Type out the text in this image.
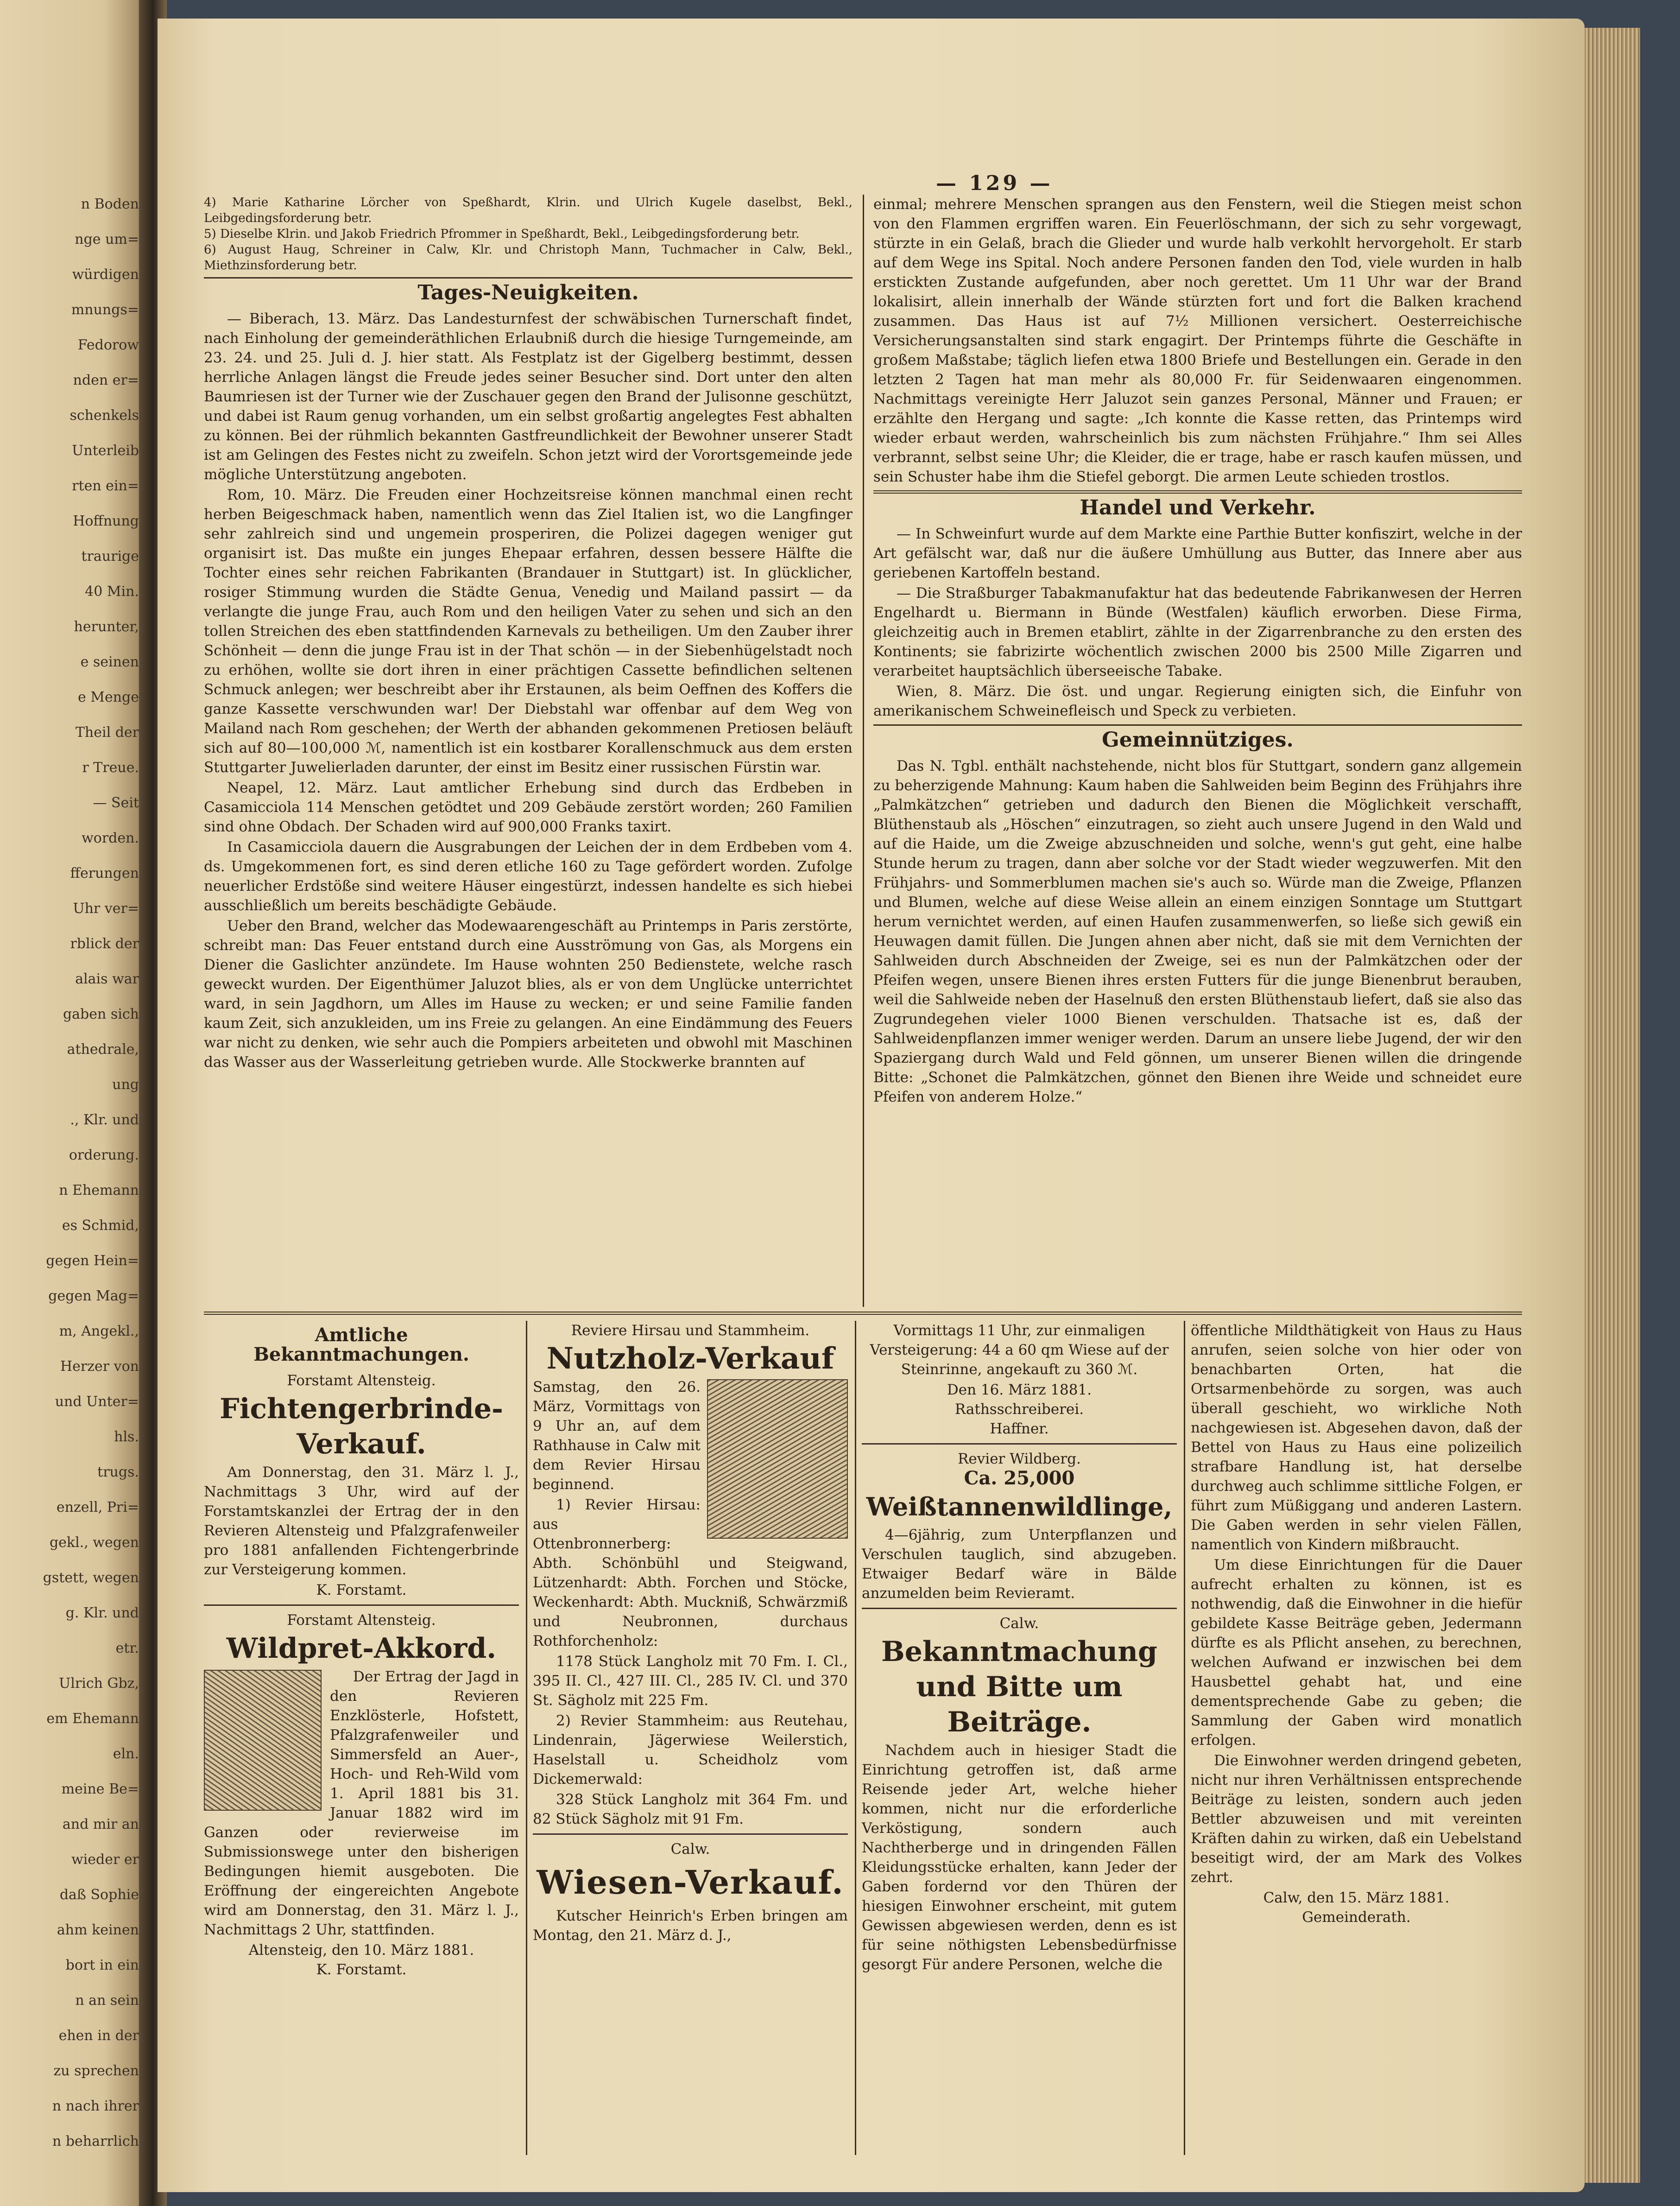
n Boden
nge um=
würdigen
mnungs=
Fedorow
nden er=
schenkels
Unterleib
rten ein=
Hoffnung
traurige
40 Min.
herunter,
e seinen
e Menge
Theil der
r Treue.
— Seit
worden.
fferungen
Uhr ver=
rblick der
alais war
gaben sich
athedrale,
ung
., Klr. und
orderung.
n Ehemann
es Schmid,
gegen Hein=
gegen Mag=
m, Angekl.,
Herzer von
und Unter=
hls.
trugs.
enzell, Pri=
gekl., wegen
gstett, wegen
g. Klr. und
etr.
Ulrich Gbz,
em Ehemann
eln.
meine Be=
and mir an
wieder er
daß Sophie
ahm keinen
bort in ein
n an sein
ehen in der
zu sprechen
n nach ihrer
n beharrlich
— 129 —
4) Marie Katharine Lörcher von Speßhardt, Klrin. und Ulrich Kugele daselbst, Bekl., Leibgedingsforderung betr.
5) Dieselbe Klrin. und Jakob Friedrich Pfrommer in Speßhardt, Bekl., Leibgedingsforderung betr.
6) August Haug, Schreiner in Calw, Klr. und Christoph Mann, Tuchmacher in Calw, Bekl., Miethzinsforderung betr.
Tages-Neuigkeiten.

— Biberach, 13. März. Das Landesturnfest der schwäbischen Turnerschaft findet, nach Einholung der gemeinderäthlichen Erlaubniß durch die hiesige Turngemeinde, am 23. 24. und 25. Juli d. J. hier statt. Als Festplatz ist der Gigelberg bestimmt, dessen herrliche Anlagen längst die Freude jedes seiner Besucher sind. Dort unter den alten Baumriesen ist der Turner wie der Zuschauer gegen den Brand der Julisonne geschützt, und dabei ist Raum genug vorhanden, um ein selbst großartig angelegtes Fest abhalten zu können. Bei der rühmlich bekannten Gastfreundlichkeit der Bewohner unserer Stadt ist am Gelingen des Festes nicht zu zweifeln. Schon jetzt wird der Vorortsgemeinde jede mögliche Unterstützung angeboten.

Rom, 10. März. Die Freuden einer Hochzeitsreise können manchmal einen recht herben Beigeschmack haben, namentlich wenn das Ziel Italien ist, wo die Langfinger sehr zahlreich sind und ungemein prosperiren, die Polizei dagegen weniger gut organisirt ist. Das mußte ein junges Ehepaar erfahren, dessen bessere Hälfte die Tochter eines sehr reichen Fabrikanten (Brandauer in Stuttgart) ist. In glücklicher, rosiger Stimmung wurden die Städte Genua, Venedig und Mailand passirt — da verlangte die junge Frau, auch Rom und den heiligen Vater zu sehen und sich an den tollen Streichen des eben stattfindenden Karnevals zu betheiligen. Um den Zauber ihrer Schönheit — denn die junge Frau ist in der That schön — in der Siebenhügelstadt noch zu erhöhen, wollte sie dort ihren in einer prächtigen Cassette befindlichen seltenen Schmuck anlegen; wer beschreibt aber ihr Erstaunen, als beim Oeffnen des Koffers die ganze Kassette verschwunden war! Der Diebstahl war offenbar auf dem Weg von Mailand nach Rom geschehen; der Werth der abhanden gekommenen Pretiosen beläuft sich auf 80—100,000 ℳ, namentlich ist ein kostbarer Korallenschmuck aus dem ersten Stuttgarter Juwelierladen darunter, der einst im Besitz einer russischen Fürstin war.

Neapel, 12. März. Laut amtlicher Erhebung sind durch das Erdbeben in Casamicciola 114 Menschen getödtet und 209 Gebäude zerstört worden; 260 Familien sind ohne Obdach. Der Schaden wird auf 900,000 Franks taxirt.

In Casamicciola dauern die Ausgrabungen der Leichen der in dem Erdbeben vom 4. ds. Umgekommenen fort, es sind deren etliche 160 zu Tage gefördert worden. Zufolge neuerlicher Erdstöße sind weitere Häuser eingestürzt, indessen handelte es sich hiebei ausschließlich um bereits beschädigte Gebäude.

Ueber den Brand, welcher das Modewaarengeschäft au Printemps in Paris zerstörte, schreibt man: Das Feuer entstand durch eine Ausströmung von Gas, als Morgens ein Diener die Gaslichter anzündete. Im Hause wohnten 250 Bedienstete, welche rasch geweckt wurden. Der Eigenthümer Jaluzot blies, als er von dem Unglücke unterrichtet ward, in sein Jagdhorn, um Alles im Hause zu wecken; er und seine Familie fanden kaum Zeit, sich anzukleiden, um ins Freie zu gelangen. An eine Eindämmung des Feuers war nicht zu denken, wie sehr auch die Pompiers arbeiteten und obwohl mit Maschinen das Wasser aus der Wasserleitung getrieben wurde. Alle Stockwerke brannten auf

einmal; mehrere Menschen sprangen aus den Fenstern, weil die Stiegen meist schon von den Flammen ergriffen waren. Ein Feuerlöschmann, der sich zu sehr vorgewagt, stürzte in ein Gelaß, brach die Glieder und wurde halb verkohlt hervorgeholt. Er starb auf dem Wege ins Spital. Noch andere Personen fanden den Tod, viele wurden in halb erstickten Zustande aufgefunden, aber noch gerettet. Um 11 Uhr war der Brand lokalisirt, allein innerhalb der Wände stürzten fort und fort die Balken krachend zusammen. Das Haus ist auf 7½ Millionen versichert. Oesterreichische Versicherungsanstalten sind stark engagirt. Der Printemps führte die Geschäfte in großem Maßstabe; täglich liefen etwa 1800 Briefe und Bestellungen ein. Gerade in den letzten 2 Tagen hat man mehr als 80,000 Fr. für Seidenwaaren eingenommen. Nachmittags vereinigte Herr Jaluzot sein ganzes Personal, Männer und Frauen; er erzählte den Hergang und sagte: „Ich konnte die Kasse retten, das Printemps wird wieder erbaut werden, wahrscheinlich bis zum nächsten Frühjahre.“ Ihm sei Alles verbrannt, selbst seine Uhr; die Kleider, die er trage, habe er rasch kaufen müssen, und sein Schuster habe ihm die Stiefel geborgt. Die armen Leute schieden trostlos.

Handel und Verkehr.

— In Schweinfurt wurde auf dem Markte eine Parthie Butter konfiszirt, welche in der Art gefälscht war, daß nur die äußere Umhüllung aus Butter, das Innere aber aus geriebenen Kartoffeln bestand.

— Die Straßburger Tabakmanufaktur hat das bedeutende Fabrikanwesen der Herren Engelhardt u. Biermann in Bünde (Westfalen) käuflich erworben. Diese Firma, gleichzeitig auch in Bremen etablirt, zählte in der Zigarrenbranche zu den ersten des Kontinents; sie fabrizirte wöchentlich zwischen 2000 bis 2500 Mille Zigarren und verarbeitet hauptsächlich überseeische Tabake.

Wien, 8. März. Die öst. und ungar. Regierung einigten sich, die Einfuhr von amerikanischem Schweinefleisch und Speck zu verbieten.

Gemeinnütziges.

Das N. Tgbl. enthält nachstehende, nicht blos für Stuttgart, sondern ganz allgemein zu beherzigende Mahnung: Kaum haben die Sahlweiden beim Beginn des Frühjahrs ihre „Palmkätzchen“ getrieben und dadurch den Bienen die Möglichkeit verschafft, Blüthenstaub als „Höschen“ einzutragen, so zieht auch unsere Jugend in den Wald und auf die Haide, um die Zweige abzuschneiden und solche, wenn's gut geht, eine halbe Stunde herum zu tragen, dann aber solche vor der Stadt wieder wegzuwerfen. Mit den Frühjahrs- und Sommerblumen machen sie's auch so. Würde man die Zweige, Pflanzen und Blumen, welche auf diese Weise allein an einem einzigen Sonntage um Stuttgart herum vernichtet werden, auf einen Haufen zusammenwerfen, so ließe sich gewiß ein Heuwagen damit füllen. Die Jungen ahnen aber nicht, daß sie mit dem Vernichten der Sahlweiden durch Abschneiden der Zweige, sei es nun der Palmkätzchen oder der Pfeifen wegen, unsere Bienen ihres ersten Futters für die junge Bienenbrut berauben, weil die Sahlweide neben der Haselnuß den ersten Blüthenstaub liefert, daß sie also das Zugrundegehen vieler 1000 Bienen verschulden. Thatsache ist es, daß der Sahlweidenpflanzen immer weniger werden. Darum an unsere liebe Jugend, der wir den Spaziergang durch Wald und Feld gönnen, um unserer Bienen willen die dringende Bitte: „Schonet die Palmkätzchen, gönnet den Bienen ihre Weide und schneidet eure Pfeifen von anderem Holze.“

Amtliche Bekanntmachungen.
Forstamt Altensteig.
Fichtengerbrinde-
Verkauf.

Am Donnerstag, den 31. März l. J., Nachmittags 3 Uhr, wird auf der Forstamtskanzlei der Ertrag der in den Revieren Altensteig und Pfalzgrafenweiler pro 1881 anfallenden Fichtengerbrinde zur Versteigerung kommen.

K. Forstamt.
Forstamt Altensteig.
Wildpret-Akkord.

Der Ertrag der Jagd in den Revieren Enzklösterle, Hofstett, Pfalzgrafenweiler und Simmersfeld an Auer-, Hoch- und Reh-Wild vom 1. April 1881 bis 31. Januar 1882 wird im Ganzen oder revierweise im Submissionswege unter den bisherigen Bedingungen hiemit ausgeboten. Die Eröffnung der eingereichten Angebote wird am Donnerstag, den 31. März l. J., Nachmittags 2 Uhr, stattfinden.

Altensteig, den 10. März 1881.
K. Forstamt.
Reviere Hirsau und Stammheim.
Nutzholz-Verkauf

Samstag, den 26. März, Vormittags von 9 Uhr an, auf dem Rathhause in Calw mit dem Revier Hirsau beginnend.

1) Revier Hirsau: aus Ottenbronnerberg: Abth. Schönbühl und Steigwand, Lützenhardt: Abth. Forchen und Stöcke, Weckenhardt: Abth. Muckniß, Schwärzmiß und Neubronnen, durchaus Rothforchenholz:

1178 Stück Langholz mit 70 Fm. I. Cl., 395 II. Cl., 427 III. Cl., 285 IV. Cl. und 370 St. Sägholz mit 225 Fm.

2) Revier Stammheim: aus Reutehau, Lindenrain, Jägerwiese Weilerstich, Haselstall u. Scheidholz vom Dickemerwald:

328 Stück Langholz mit 364 Fm. und 82 Stück Sägholz mit 91 Fm.

Calw.
Wiesen-Verkauf.

Kutscher Heinrich's Erben bringen am Montag, den 21. März d. J.,

Vormittags 11 Uhr, zur einmaligen Versteigerung: 44 a 60 qm Wiese auf der Steinrinne, angekauft zu 360 ℳ.

Den 16. März 1881.
Rathsschreiberei.
Haffner.
Revier Wildberg.
Ca. 25,000
Weißtannenwildlinge,

4—6jährig, zum Unterpflanzen und Verschulen tauglich, sind abzugeben. Etwaiger Bedarf wäre in Bälde anzumelden beim Revieramt.

Calw.
Bekanntmachung
und Bitte um
Beiträge.

Nachdem auch in hiesiger Stadt die Einrichtung getroffen ist, daß arme Reisende jeder Art, welche hieher kommen, nicht nur die erforderliche Verköstigung, sondern auch Nachtherberge und in dringenden Fällen Kleidungsstücke erhalten, kann Jeder der Gaben fordernd vor den Thüren der hiesigen Einwohner erscheint, mit gutem Gewissen abgewiesen werden, denn es ist für seine nöthigsten Lebensbedürfnisse gesorgt Für andere Personen, welche die

öffentliche Mildthätigkeit von Haus zu Haus anrufen, seien solche von hier oder von benachbarten Orten, hat die Ortsarmenbehörde zu sorgen, was auch überall geschieht, wo wirkliche Noth nachgewiesen ist. Abgesehen davon, daß der Bettel von Haus zu Haus eine polizeilich strafbare Handlung ist, hat derselbe durchweg auch schlimme sittliche Folgen, er führt zum Müßiggang und anderen Lastern. Die Gaben werden in sehr vielen Fällen, namentlich von Kindern mißbraucht.

Um diese Einrichtungen für die Dauer aufrecht erhalten zu können, ist es nothwendig, daß die Einwohner in die hiefür gebildete Kasse Beiträge geben, Jedermann dürfte es als Pflicht ansehen, zu berechnen, welchen Aufwand er inzwischen bei dem Hausbettel gehabt hat, und eine dementsprechende Gabe zu geben; die Sammlung der Gaben wird monatlich erfolgen.

Die Einwohner werden dringend gebeten, nicht nur ihren Verhältnissen entsprechende Beiträge zu leisten, sondern auch jeden Bettler abzuweisen und mit vereinten Kräften dahin zu wirken, daß ein Uebelstand beseitigt wird, der am Mark des Volkes zehrt.

Calw, den 15. März 1881.
Gemeinderath.
